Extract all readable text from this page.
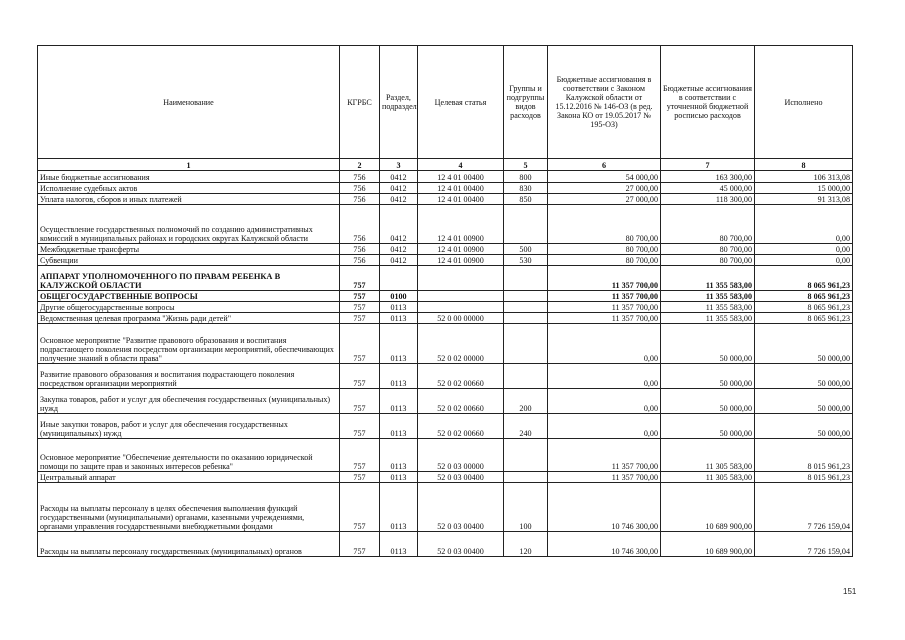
Наименование	КГРБС	Раздел, подраздел	Целевая статья	Группы и подгруппы видов расходов	Бюджетные ассигнования в соответствии с Законом Калужской области от 15.12.2016 № 146-ОЗ (в ред. Закона КО от 19.05.2017 № 195-ОЗ)	Бюджетные ассигнования в соответствии с уточненной бюджетной росписью расходов	Исполнено
1	2	3	4	5	6	7	8
Иные бюджетные ассигнования	756	0412	12 4 01 00400	800	54 000,00	163 300,00	106 313,08
Исполнение судебных актов	756	0412	12 4 01 00400	830	27 000,00	45 000,00	15 000,00
Уплата налогов, сборов и иных платежей	756	0412	12 4 01 00400	850	27 000,00	118 300,00	91 313,08
Осуществление государственных полномочий по созданию административных комиссий в муниципальных районах и городских округах Калужской области	756	0412	12 4 01 00900		80 700,00	80 700,00	0,00
Межбюджетные трансферты	756	0412	12 4 01 00900	500	80 700,00	80 700,00	0,00
Субвенции	756	0412	12 4 01 00900	530	80 700,00	80 700,00	0,00
АППАРАТ УПОЛНОМОЧЕННОГО ПО ПРАВАМ РЕБЕНКА В КАЛУЖСКОЙ ОБЛАСТИ	757				11 357 700,00	11 355 583,00	8 065 961,23
ОБЩЕГОСУДАРСТВЕННЫЕ ВОПРОСЫ	757	0100			11 357 700,00	11 355 583,00	8 065 961,23
Другие общегосударственные вопросы	757	0113			11 357 700,00	11 355 583,00	8 065 961,23
Ведомственная целевая программа "Жизнь ради детей"	757	0113	52 0 00 00000		11 357 700,00	11 355 583,00	8 065 961,23
Основное мероприятие "Развитие правового образования и воспитания подрастающего поколения посредством организации мероприятий, обеспечивающих получение знаний в области права"	757	0113	52 0 02 00000		0,00	50 000,00	50 000,00
Развитие правового образования и воспитания подрастающего поколения посредством организации мероприятий	757	0113	52 0 02 00660		0,00	50 000,00	50 000,00
Закупка товаров, работ и услуг для обеспечения государственных (муниципальных) нужд	757	0113	52 0 02 00660	200	0,00	50 000,00	50 000,00
Иные закупки товаров, работ и услуг для обеспечения государственных (муниципальных) нужд	757	0113	52 0 02 00660	240	0,00	50 000,00	50 000,00
Основное мероприятие "Обеспечение деятельности по оказанию юридической помощи по защите прав и законных интересов ребенка"	757	0113	52 0 03 00000		11 357 700,00	11 305 583,00	8 015 961,23
Центральный аппарат	757	0113	52 0 03 00400		11 357 700,00	11 305 583,00	8 015 961,23
Расходы на выплаты персоналу в целях обеспечения выполнения функций государственными (муниципальными) органами, казенными учреждениями, органами управления государственными внебюджетными фондами	757	0113	52 0 03 00400	100	10 746 300,00	10 689 900,00	7 726 159,04
Расходы на выплаты персоналу государственных (муниципальных) органов	757	0113	52 0 03 00400	120	10 746 300,00	10 689 900,00	7 726 159,04
151
